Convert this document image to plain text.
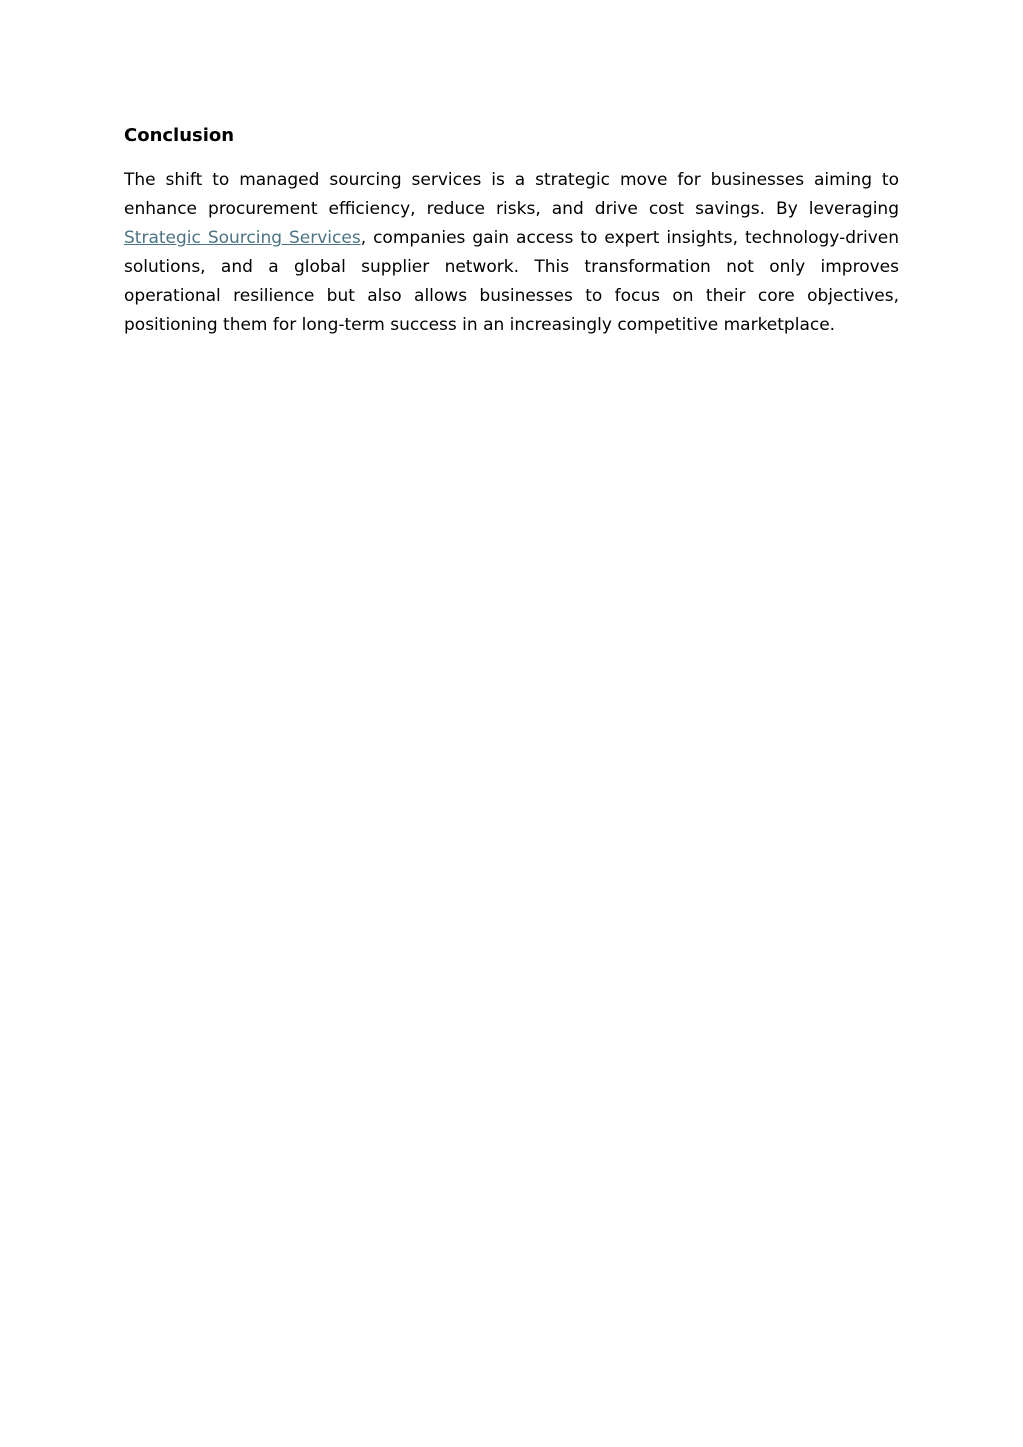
Conclusion

The shift to managed sourcing services is a strategic move for businesses aiming to enhance procurement efficiency, reduce risks, and drive cost savings. By leveraging Strategic Sourcing Services, companies gain access to expert insights, technology-driven solutions, and a global supplier network. This transformation not only improves operational resilience but also allows businesses to focus on their core objectives, positioning them for long-term success in an increasingly competitive marketplace.
